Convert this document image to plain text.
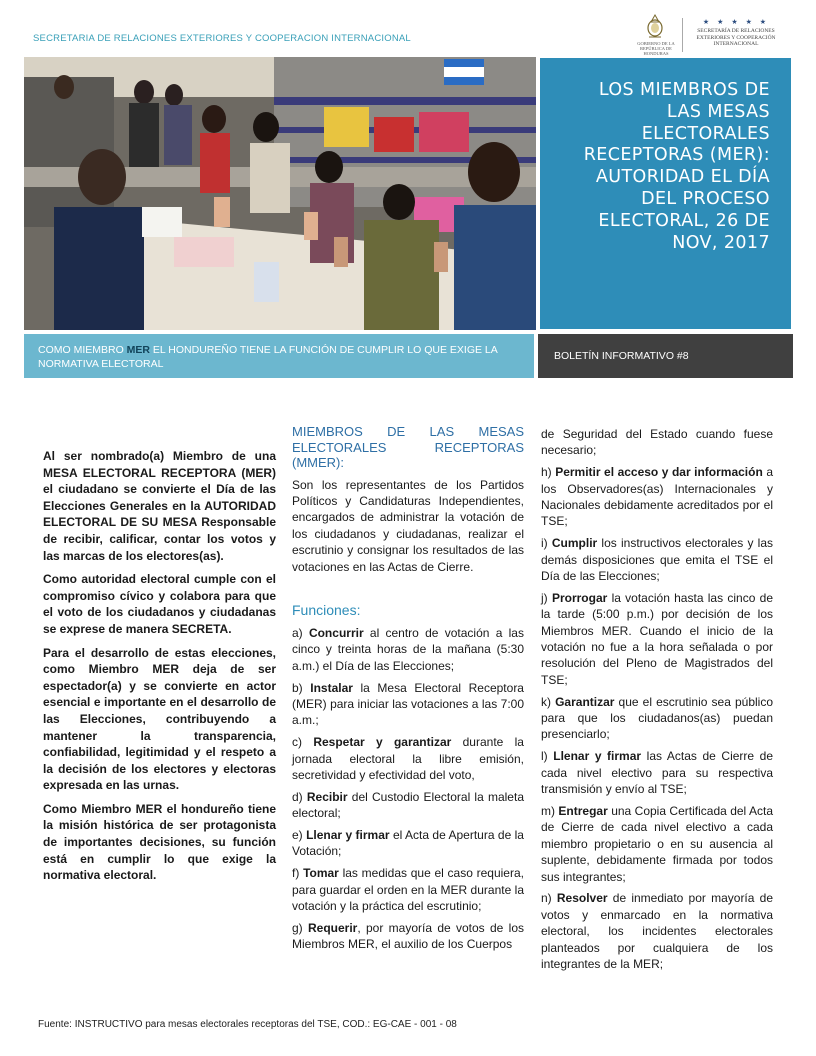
SECRETARIA DE RELACIONES EXTERIORES Y COOPERACION INTERNACIONAL	GOBIERNO DE LA REPÚBLICA DE HONDURAS
★ ★ ★ ★ ★
SECRETARÍA DE RELACIONES EXTERIORES Y COOPERACIÓN INTERNACIONAL
LOS MIEMBROS DE LAS MESAS ELECTORALES RECEPTORAS (MER): AUTORIDAD EL DÍA DEL PROCESO ELECTORAL, 26 DE NOV, 2017
COMO MIEMBRO MER EL HONDUREÑO TIENE LA FUNCIÓN DE CUMPLIR LO QUE EXIGE LA NORMATIVA ELECTORAL
BOLETÍN INFORMATIVO #8

Al ser nombrado(a) Miembro de una MESA ELECTORAL RECEPTORA (MER) el ciudadano se convierte el Día de las Elecciones Generales en la AUTORIDAD ELECTORAL DE SU MESA Responsable de recibir, calificar, contar los votos y las marcas de los electores(as).

Como autoridad electoral cumple con el compromiso cívico y colabora para que el voto de los ciudadanos y ciudadanas se exprese de manera SECRETA.

Para el desarrollo de estas elecciones, como Miembro MER deja de ser espectador(a) y se convierte en actor esencial e importante en el desarrollo de las Elecciones, contribuyendo a mantener la transparencia, confiabilidad, legitimidad y el respeto a la decisión de los electores y electoras expresada en las urnas.

Como Miembro MER el hondureño tiene la misión histórica de ser protagonista de importantes decisiones, su función está en cumplir lo que exige la normativa electoral.

MIEMBROS DE LAS MESAS ELECTORALES RECEPTORAS (MMER):

Son los representantes de los Partidos Políticos y Candidaturas Independientes, encargados de administrar la votación de los ciudadanos y ciudadanas, realizar el escrutinio y consignar los resultados de las votaciones en las Actas de Cierre.

Funciones:

a) Concurrir al centro de votación a las cinco y treinta horas de la mañana (5:30 a.m.) el Día de las Elecciones;

b) Instalar la Mesa Electoral Receptora (MER) para iniciar las votaciones a las 7:00 a.m.;

c) Respetar y garantizar durante la jornada electoral la libre emisión, secretividad y efectividad del voto,

d) Recibir del Custodio Electoral la maleta electoral;

e) Llenar y firmar el Acta de Apertura de la Votación;

f) Tomar las medidas que el caso requiera, para guardar el orden en la MER durante la votación y la práctica del escrutinio;

g) Requerir, por mayoría de votos de los Miembros MER, el auxilio de los Cuerpos

de Seguridad del Estado cuando fuese necesario;

h) Permitir el acceso y dar información a los Observadores(as) Internacionales y Nacionales debidamente acreditados por el TSE;

i) Cumplir los instructivos electorales y las demás disposiciones que emita el TSE el Día de las Elecciones;

j) Prorrogar la votación hasta las cinco de la tarde (5:00 p.m.) por decisión de los Miembros MER. Cuando el inicio de la votación no fue a la hora señalada o por resolución del Pleno de Magistrados del TSE;

k) Garantizar que el escrutinio sea público para que los ciudadanos(as) puedan presenciarlo;

l) Llenar y firmar las Actas de Cierre de cada nivel electivo para su respectiva transmisión y envío al TSE;

m) Entregar una Copia Certificada del Acta de Cierre de cada nivel electivo a cada miembro propietario o en su ausencia al suplente, debidamente firmada por todos sus integrantes;

n) Resolver de inmediato por mayoría de votos y enmarcado en la normativa electoral, los incidentes electorales planteados por cualquiera de los integrantes de la MER;

Fuente: INSTRUCTIVO para mesas electorales receptoras del TSE, COD.: EG-CAE - 001 - 08
